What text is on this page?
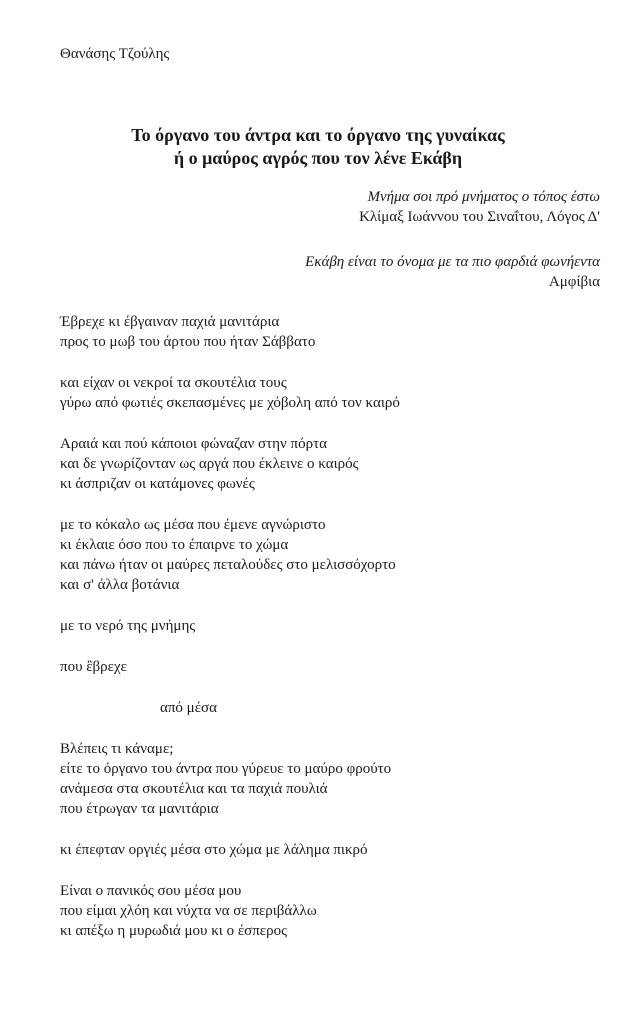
Θανάσης Τζούλης
Το όργανο του άντρα και το όργανο της γυναίκας
ή ο μαύρος αγρός που τον λένε Εκάβη
Μνήμα σοι πρό μνήματος ο τόπος έστω
Κλίμαξ Ιωάννου του Σιναΐτου, Λόγος Δ'
Εκάβη είναι το όνομα με τα πιο φαρδιά φωνήεντα
Αμφίβια
Έβρεχε κι έβγαιναν παχιά μανιτάρια
προς το μωβ του άρτου που ήταν Σάββατο
και είχαν οι νεκροί τα σκουτέλια τους
γύρω από φωτιές σκεπασμένες με χόβολη από τον καιρό
Αραιά και πού κάποιοι φώναζαν στην πόρτα
και δε γνωρίζονταν ως αργά που έκλεινε ο καιρός
κι άσπριζαν οι κατάμονες φωνές
με το κόκαλο ως μέσα που έμενε αγνώριστο
κι έκλαιε όσο που το έπαιρνε το χώμα
και πάνω ήταν οι μαύρες πεταλούδες στο μελισσόχορτο
και σ' άλλα βοτάνια
με το νερό της μνήμης
που ἒβρεχε
από μέσα
Βλέπεις τι κάναμε;
είτε το όργανο του άντρα που γύρευε το μαύρο φρούτο
ανάμεσα στα σκουτέλια και τα παχιά πουλιά
που έτρωγαν τα μανιτάρια
κι έπεφταν οργιές μέσα στο χώμα με λάλημα πικρό
Είναι ο πανικός σου μέσα μου
που είμαι χλόη και νύχτα να σε περιβάλλω
κι απέξω η μυρωδιά μου κι ο έσπερος
